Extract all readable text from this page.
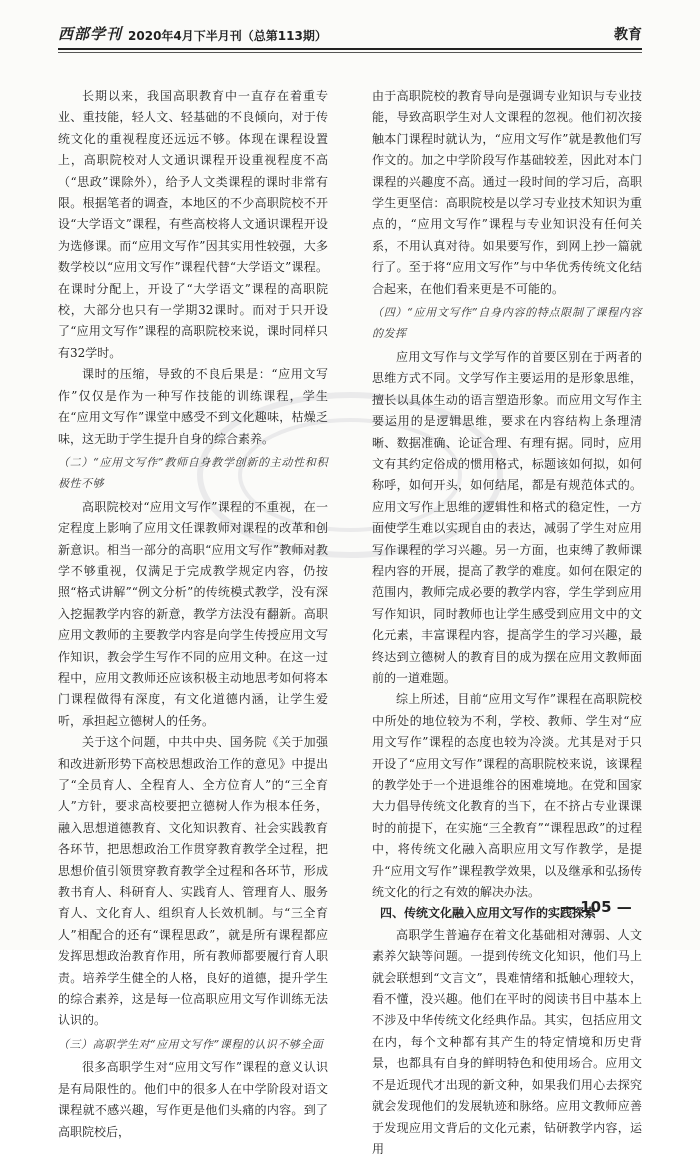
西部学刊 2020年4月下半月刊（总第113期）	教育

长期以来，我国高职教育中一直存在着重专业、重技能，轻人文、轻基础的不良倾向，对于传统文化的重视程度还远远不够。体现在课程设置上，高职院校对人文通识课程开设重视程度不高（“思政”课除外），给予人文类课程的课时非常有限。根据笔者的调查，本地区的不少高职院校不开设“大学语文”课程，有些高校将人文通识课程开设为选修课。而“应用文写作”因其实用性较强，大多数学校以“应用文写作”课程代替“大学语文”课程。在课时分配上，开设了“大学语文”课程的高职院校，大部分也只有一学期32课时。而对于只开设了“应用文写作”课程的高职院校来说，课时同样只有32学时。

课时的压缩，导致的不良后果是：“应用文写作”仅仅是作为一种写作技能的训练课程，学生在“应用文写作”课堂中感受不到文化趣味，枯燥乏味，这无助于学生提升自身的综合素养。

（二）“应用文写作”教师自身教学创新的主动性和积极性不够

高职院校对“应用文写作”课程的不重视，在一定程度上影响了应用文任课教师对课程的改革和创新意识。相当一部分的高职“应用文写作”教师对教学不够重视，仅满足于完成教学规定内容，仍按照“格式讲解”“例文分析”的传统模式教学，没有深入挖掘教学内容的新意，教学方法没有翻新。高职应用文教师的主要教学内容是向学生传授应用文写作知识，教会学生写作不同的应用文种。在这一过程中，应用文教师还应该积极主动地思考如何将本门课程做得有深度，有文化道德内涵，让学生爱听，承担起立德树人的任务。

关于这个问题，中共中央、国务院《关于加强和改进新形势下高校思想政治工作的意见》中提出了“全员育人、全程育人、全方位育人”的“三全育人”方针，要求高校要把立德树人作为根本任务，融入思想道德教育、文化知识教育、社会实践教育各环节，把思想政治工作贯穿教育教学全过程，把思想价值引领贯穿教育教学全过程和各环节，形成教书育人、科研育人、实践育人、管理育人、服务育人、文化育人、组织育人长效机制。与“三全育人”相配合的还有“课程思政”，就是所有课程都应发挥思想政治教育作用，所有教师都要履行育人职责。培养学生健全的人格，良好的道德，提升学生的综合素养，这是每一位高职应用文写作训练无法认识的。

（三）高职学生对“应用文写作”课程的认识不够全面

很多高职学生对“应用文写作”课程的意义认识是有局限性的。他们中的很多人在中学阶段对语文课程就不感兴趣，写作更是他们头痛的内容。到了高职院校后，

由于高职院校的教育导向是强调专业知识与专业技能，导致高职学生对人文课程的忽视。他们初次接触本门课程时就认为，“应用文写作”就是教他们写作文的。加之中学阶段写作基础较差，因此对本门课程的兴趣度不高。通过一段时间的学习后，高职学生更坚信：高职院校是以学习专业技术知识为重点的，“应用文写作”课程与专业知识没有任何关系，不用认真对待。如果要写作，到网上抄一篇就行了。至于将“应用文写作”与中华优秀传统文化结合起来，在他们看来更是不可能的。

（四）“应用文写作”自身内容的特点限制了课程内容的发挥

应用文写作与文学写作的首要区别在于两者的思维方式不同。文学写作主要运用的是形象思维，擅长以具体生动的语言塑造形象。而应用文写作主要运用的是逻辑思维，要求在内容结构上条理清晰、数据准确、论证合理、有理有据。同时，应用文有其约定俗成的惯用格式，标题该如何拟，如何称呼，如何开头，如何结尾，都是有规范体式的。应用文写作上思维的逻辑性和格式的稳定性，一方面使学生难以实现自由的表达，减弱了学生对应用写作课程的学习兴趣。另一方面，也束缚了教师课程内容的开展，提高了教学的难度。如何在限定的范围内，教师完成必要的教学内容，学生学到应用写作知识，同时教师也让学生感受到应用文中的文化元素，丰富课程内容，提高学生的学习兴趣，最终达到立德树人的教育目的成为摆在应用文教师面前的一道难题。

综上所述，目前“应用文写作”课程在高职院校中所处的地位较为不利，学校、教师、学生对“应用文写作”课程的态度也较为冷淡。尤其是对于只开设了“应用文写作”课程的高职院校来说，该课程的教学处于一个进退维谷的困难境地。在党和国家大力倡导传统文化教育的当下，在不挤占专业课课时的前提下，在实施“三全教育”“课程思政”的过程中，将传统文化融入高职应用文写作教学，是提升“应用文写作”课程教学效果，以及继承和弘扬传统文化的行之有效的解决办法。

四、传统文化融入应用文写作的实践探索

高职学生普遍存在着文化基础相对薄弱、人文素养欠缺等问题。一提到传统文化知识，他们马上就会联想到“文言文”，畏难情绪和抵触心理较大，看不懂，没兴趣。他们在平时的阅读书目中基本上不涉及中华传统文化经典作品。其实，包括应用文在内，每个文种都有其产生的特定情境和历史背景，也都具有自身的鲜明特色和使用场合。应用文不是近现代才出现的新文种，如果我们用心去探究就会发现他们的发展轨迹和脉络。应用文教师应善于发现应用文背后的文化元素，钻研教学内容，运用

— 105 —
